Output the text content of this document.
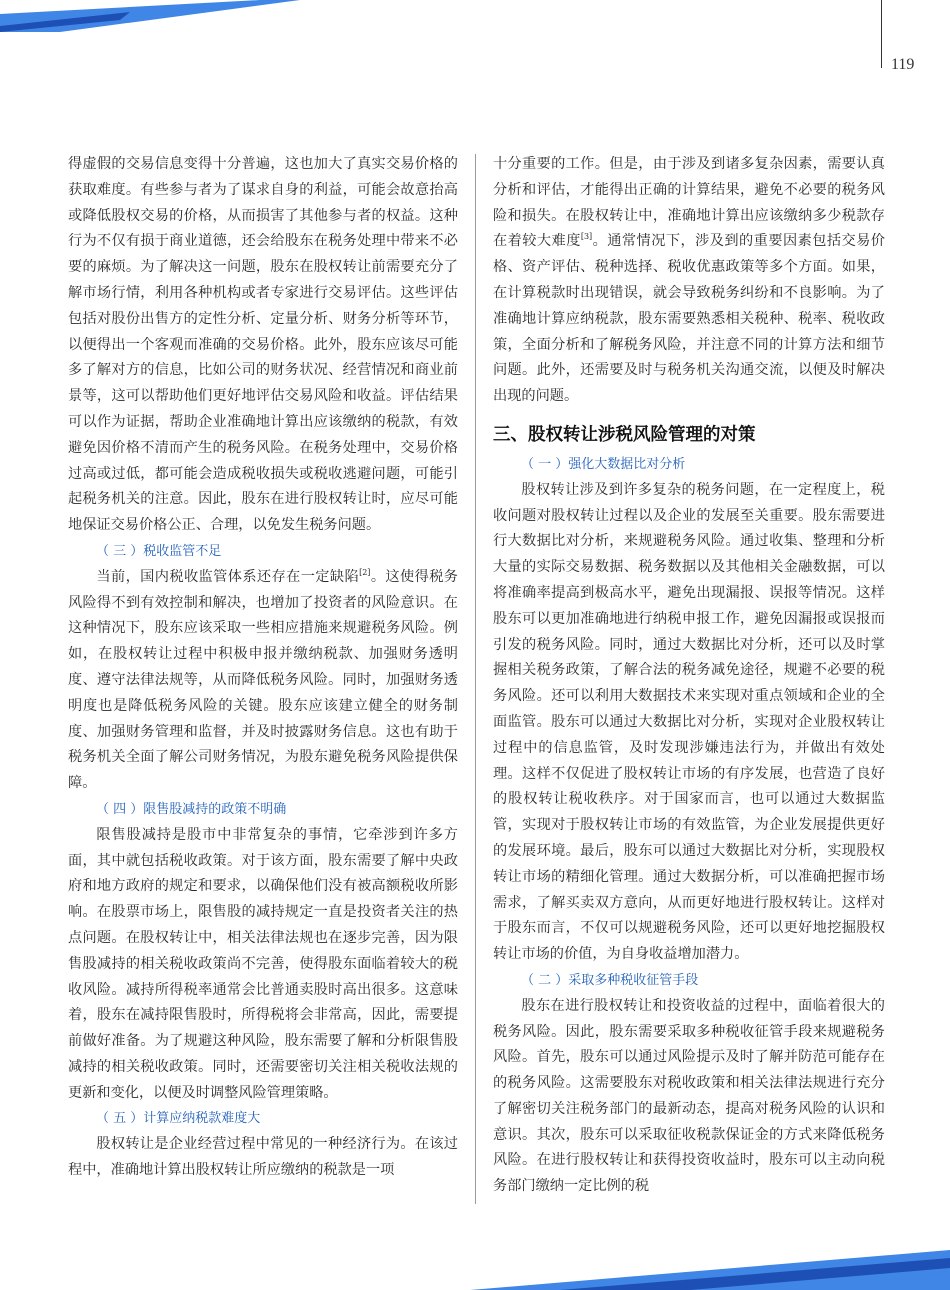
119

得虚假的交易信息变得十分普遍，这也加大了真实交易价格的获取难度。有些参与者为了谋求自身的利益，可能会故意抬高或降低股权交易的价格，从而损害了其他参与者的权益。这种行为不仅有损于商业道德，还会给股东在税务处理中带来不必要的麻烦。为了解决这一问题，股东在股权转让前需要充分了解市场行情，利用各种机构或者专家进行交易评估。这些评估包括对股份出售方的定性分析、定量分析、财务分析等环节，以便得出一个客观而准确的交易价格。此外，股东应该尽可能多了解对方的信息，比如公司的财务状况、经营情况和商业前景等，这可以帮助他们更好地评估交易风险和收益。评估结果可以作为证据，帮助企业准确地计算出应该缴纳的税款，有效避免因价格不清而产生的税务风险。在税务处理中，交易价格过高或过低，都可能会造成税收损失或税收逃避问题，可能引起税务机关的注意。因此，股东在进行股权转让时，应尽可能地保证交易价格公正、合理，以免发生税务问题。

（ 三 ）税收监管不足

当前，国内税收监管体系还存在一定缺陷[2]。这使得税务风险得不到有效控制和解决，也增加了投资者的风险意识。在这种情况下，股东应该采取一些相应措施来规避税务风险。例如，在股权转让过程中积极申报并缴纳税款、加强财务透明度、遵守法律法规等，从而降低税务风险。同时，加强财务透明度也是降低税务风险的关键。股东应该建立健全的财务制度、加强财务管理和监督，并及时披露财务信息。这也有助于税务机关全面了解公司财务情况，为股东避免税务风险提供保障。

（ 四 ）限售股减持的政策不明确

限售股减持是股市中非常复杂的事情，它牵涉到许多方面，其中就包括税收政策。对于该方面，股东需要了解中央政府和地方政府的规定和要求，以确保他们没有被高额税收所影响。在股票市场上，限售股的减持规定一直是投资者关注的热点问题。在股权转让中，相关法律法规也在逐步完善，因为限售股减持的相关税收政策尚不完善，使得股东面临着较大的税收风险。减持所得税率通常会比普通卖股时高出很多。这意味着，股东在减持限售股时，所得税将会非常高，因此，需要提前做好准备。为了规避这种风险，股东需要了解和分析限售股减持的相关税收政策。同时，还需要密切关注相关税收法规的更新和变化，以便及时调整风险管理策略。

（ 五 ）计算应纳税款难度大

股权转让是企业经营过程中常见的一种经济行为。在该过程中，准确地计算出股权转让所应缴纳的税款是一项

十分重要的工作。但是，由于涉及到诸多复杂因素，需要认真分析和评估，才能得出正确的计算结果，避免不必要的税务风险和损失。在股权转让中，准确地计算出应该缴纳多少税款存在着较大难度[3]。通常情况下，涉及到的重要因素包括交易价格、资产评估、税种选择、税收优惠政策等多个方面。如果，在计算税款时出现错误，就会导致税务纠纷和不良影响。为了准确地计算应纳税款，股东需要熟悉相关税种、税率、税收政策，全面分析和了解税务风险，并注意不同的计算方法和细节问题。此外，还需要及时与税务机关沟通交流，以便及时解决出现的问题。

三、股权转让涉税风险管理的对策
（ 一 ）强化大数据比对分析

股权转让涉及到许多复杂的税务问题，在一定程度上，税收问题对股权转让过程以及企业的发展至关重要。股东需要进行大数据比对分析，来规避税务风险。通过收集、整理和分析大量的实际交易数据、税务数据以及其他相关金融数据，可以将准确率提高到极高水平，避免出现漏报、误报等情况。这样股东可以更加准确地进行纳税申报工作，避免因漏报或误报而引发的税务风险。同时，通过大数据比对分析，还可以及时掌握相关税务政策，了解合法的税务减免途径，规避不必要的税务风险。还可以利用大数据技术来实现对重点领域和企业的全面监管。股东可以通过大数据比对分析，实现对企业股权转让过程中的信息监管，及时发现涉嫌违法行为，并做出有效处理。这样不仅促进了股权转让市场的有序发展，也营造了良好的股权转让税收秩序。对于国家而言，也可以通过大数据监管，实现对于股权转让市场的有效监管，为企业发展提供更好的发展环境。最后，股东可以通过大数据比对分析，实现股权转让市场的精细化管理。通过大数据分析，可以准确把握市场需求，了解买卖双方意向，从而更好地进行股权转让。这样对于股东而言，不仅可以规避税务风险，还可以更好地挖掘股权转让市场的价值，为自身收益增加潜力。

（ 二 ）采取多种税收征管手段

股东在进行股权转让和投资收益的过程中，面临着很大的税务风险。因此，股东需要采取多种税收征管手段来规避税务风险。首先，股东可以通过风险提示及时了解并防范可能存在的税务风险。这需要股东对税收政策和相关法律法规进行充分了解密切关注税务部门的最新动态，提高对税务风险的认识和意识。其次，股东可以采取征收税款保证金的方式来降低税务风险。在进行股权转让和获得投资收益时，股东可以主动向税务部门缴纳一定比例的税
